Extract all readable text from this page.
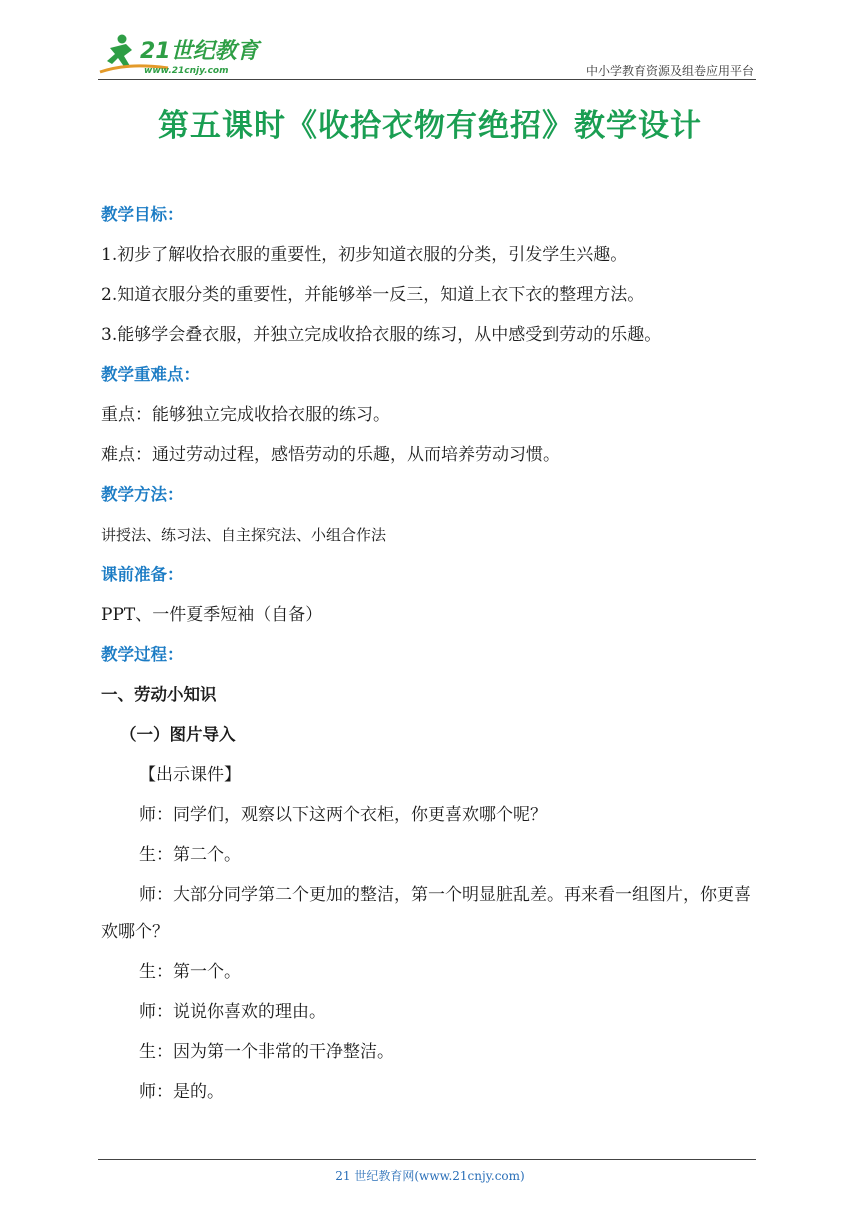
21世纪教育
www.21cnjy.com	中小学教育资源及组卷应用平台
第五课时《收拾衣物有绝招》教学设计
教学目标：
1.初步了解收拾衣服的重要性，初步知道衣服的分类，引发学生兴趣。
2.知道衣服分类的重要性，并能够举一反三，知道上衣下衣的整理方法。
3.能够学会叠衣服，并独立完成收拾衣服的练习，从中感受到劳动的乐趣。
教学重难点：
重点：能够独立完成收拾衣服的练习。
难点：通过劳动过程，感悟劳动的乐趣，从而培养劳动习惯。
教学方法：
讲授法、练习法、自主探究法、小组合作法
课前准备：
PPT、一件夏季短袖（自备）
教学过程：
一、劳动小知识
（一）图片导入
【出示课件】
师：同学们，观察以下这两个衣柜，你更喜欢哪个呢？
生：第二个。
师：大部分同学第二个更加的整洁，第一个明显脏乱差。再来看一组图片，你更喜欢哪个？
生：第一个。
师：说说你喜欢的理由。
生：因为第一个非常的干净整洁。
师：是的。
21 世纪教育网(www.21cnjy.com)
